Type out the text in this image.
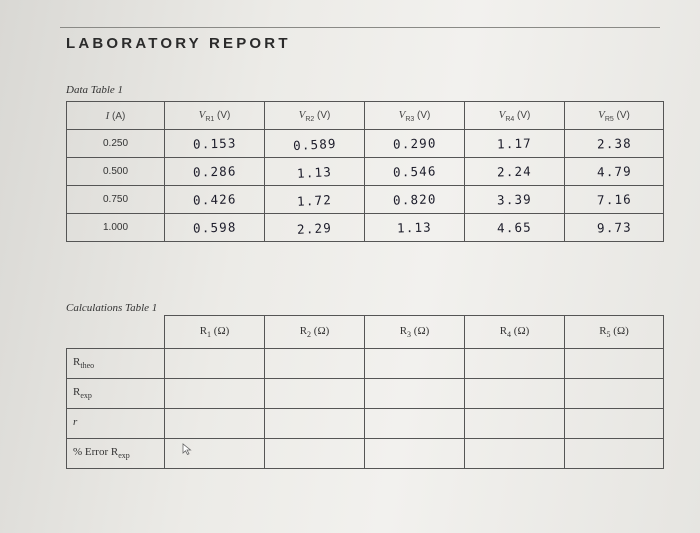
LABORATORY REPORT
Data Table 1
I (A)	$V_{R1}$ (V)	$V_{R2}$ (V)	$V_{R3}$ (V)	$V_{R4}$ (V)	$V_{R5}$ (V)
0.250	0.153	0.589	0.290	1.17	2.38
0.500	0.286	1.13	0.546	2.24	4.79
0.750	0.426	1.72	0.820	3.39	7.16
1.000	0.598	2.29	1.13	4.65	9.73
Calculations Table 1
	$R_1$ (Ω)	$R_2$ (Ω)	$R_3$ (Ω)	$R_4$ (Ω)	$R_5$ (Ω)
$R_{theo}$					
$R_{exp}$					
r					
% Error $R_{exp}$					
